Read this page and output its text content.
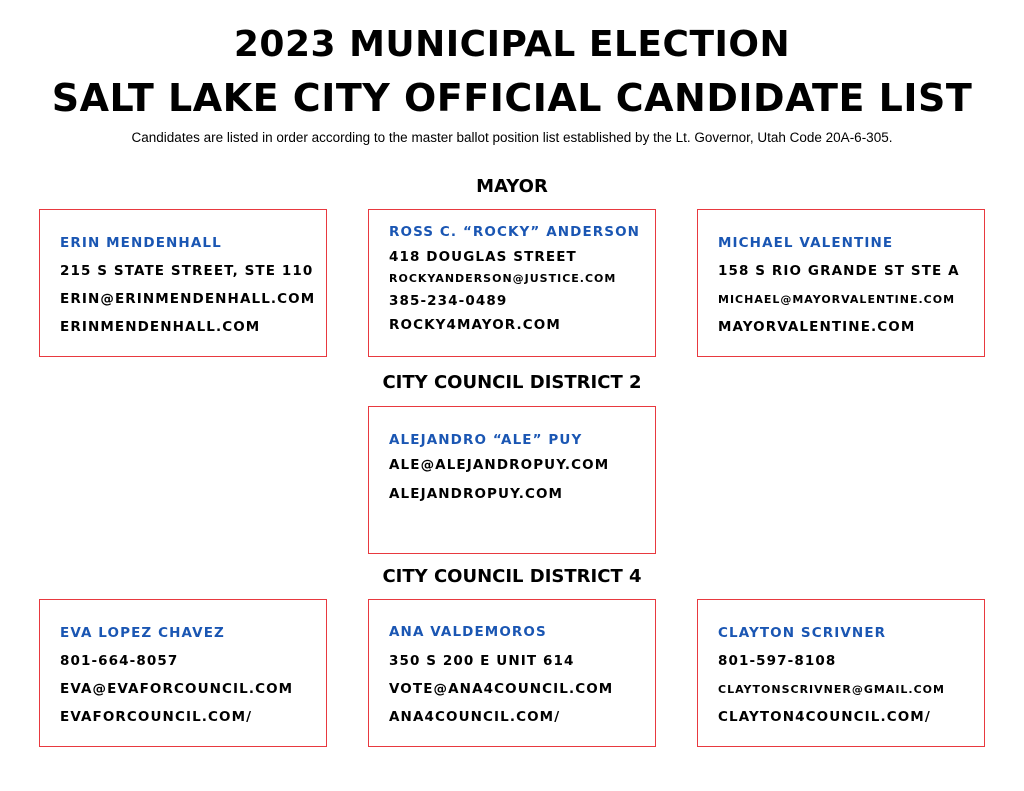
2023 MUNICIPAL ELECTION
SALT LAKE CITY OFFICIAL CANDIDATE LIST
Candidates are listed in order according to the master ballot position list established by the Lt. Governor, Utah Code 20A-6-305.
MAYOR
ERIN MENDENHALL
215 S STATE STREET, STE 110
ERIN@ERINMENDENHALL.COM
ERINMENDENHALL.COM
ROSS C. “ROCKY” ANDERSON
418 DOUGLAS STREET
ROCKYANDERSON@JUSTICE.COM
385-234-0489
ROCKY4MAYOR.COM
MICHAEL VALENTINE
158 S RIO GRANDE ST STE A
MICHAEL@MAYORVALENTINE.COM
MAYORVALENTINE.COM
CITY COUNCIL DISTRICT 2
ALEJANDRO “ALE” PUY
ALE@ALEJANDROPUY.COM
ALEJANDROPUY.COM
CITY COUNCIL DISTRICT 4
EVA LOPEZ CHAVEZ
801-664-8057
EVA@EVAFORCOUNCIL.COM
EVAFORCOUNCIL.COM/
ANA VALDEMOROS
350 S 200 E UNIT 614
VOTE@ANA4COUNCIL.COM
ANA4COUNCIL.COM/
CLAYTON SCRIVNER
801-597-8108
CLAYTONSCRIVNER@GMAIL.COM
CLAYTON4COUNCIL.COM/
